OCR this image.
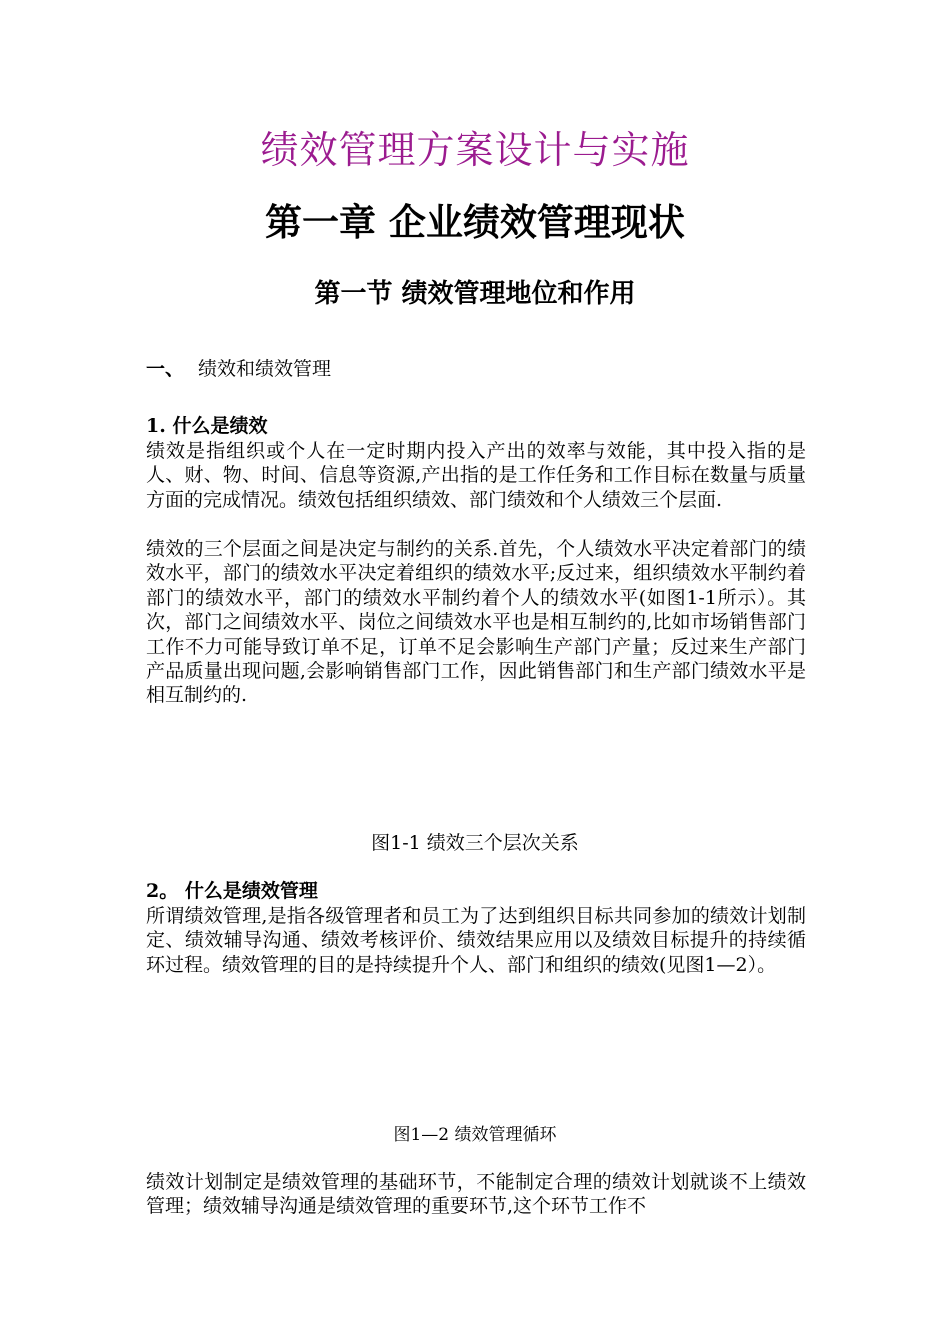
绩效管理方案设计与实施
第一章 企业绩效管理现状
第一节 绩效管理地位和作用
一、 绩效和绩效管理
1. 什么是绩效
绩效是指组织或个人在一定时期内投入产出的效率与效能，其中投入指的是人、财、物、时间、信息等资源,产出指的是工作任务和工作目标在数量与质量方面的完成情况。绩效包括组织绩效、部门绩效和个人绩效三个层面.
绩效的三个层面之间是决定与制约的关系.首先，个人绩效水平决定着部门的绩效水平，部门的绩效水平决定着组织的绩效水平;反过来，组织绩效水平制约着部门的绩效水平，部门的绩效水平制约着个人的绩效水平(如图1-1所示）。其次，部门之间绩效水平、岗位之间绩效水平也是相互制约的,比如市场销售部门工作不力可能导致订单不足，订单不足会影响生产部门产量；反过来生产部门产品质量出现问题,会影响销售部门工作，因此销售部门和生产部门绩效水平是相互制约的.
图1-1 绩效三个层次关系
2。 什么是绩效管理
所谓绩效管理,是指各级管理者和员工为了达到组织目标共同参加的绩效计划制定、绩效辅导沟通、绩效考核评价、绩效结果应用以及绩效目标提升的持续循环过程。绩效管理的目的是持续提升个人、部门和组织的绩效(见图1—2）。
图1—2 绩效管理循环
绩效计划制定是绩效管理的基础环节，不能制定合理的绩效计划就谈不上绩效管理；绩效辅导沟通是绩效管理的重要环节,这个环节工作不
